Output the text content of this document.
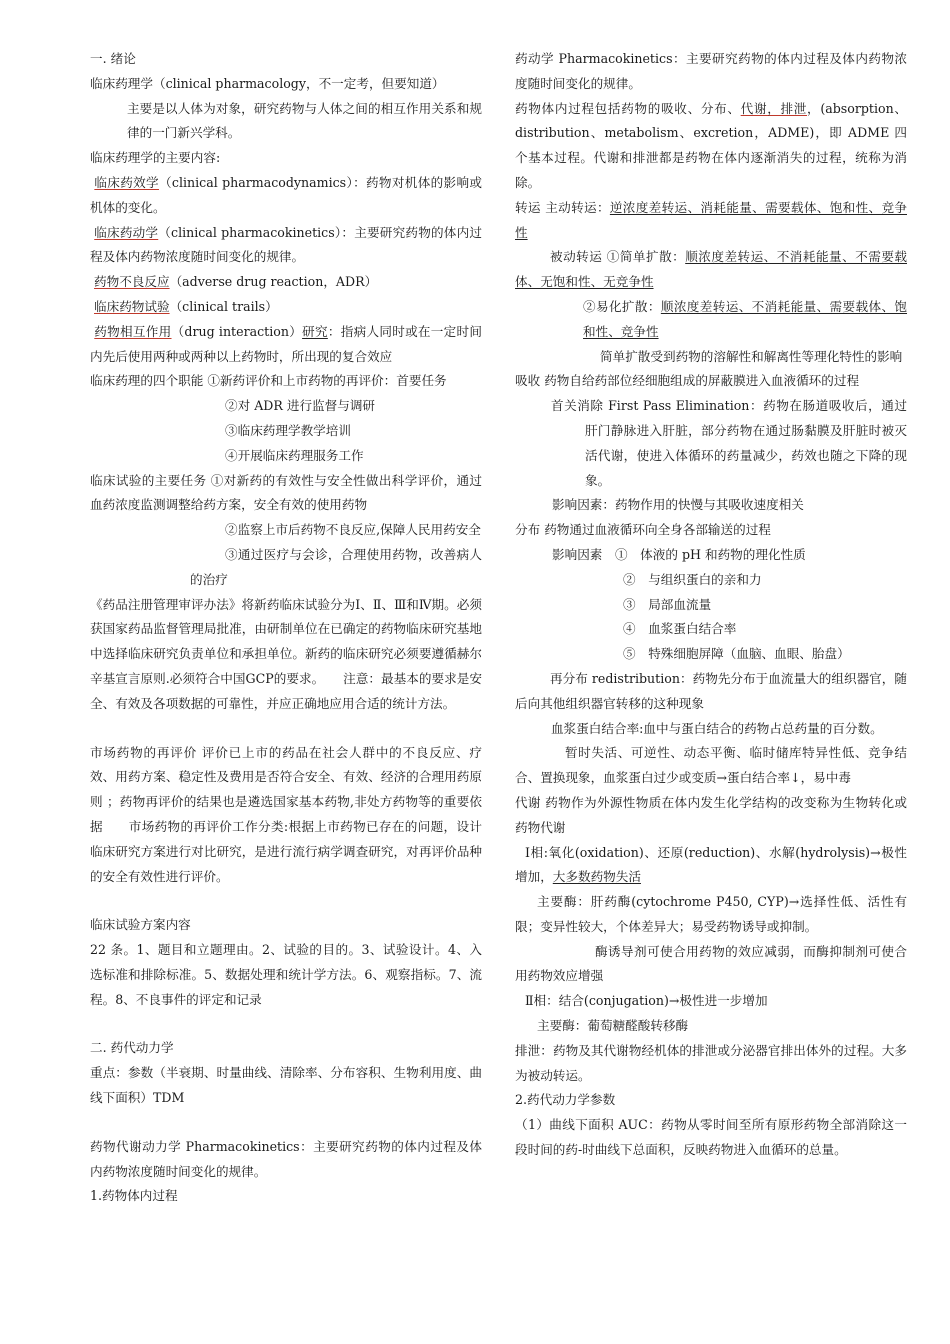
一. 绪论

临床药理学（clinical pharmacology，不一定考，但要知道）

主要是以人体为对象，研究药物与人体之间的相互作用关系和规律的一门新兴学科。

临床药理学的主要内容:

临床药效学（clinical pharmacodynamics）：药物对机体的影响或机体的变化。

临床药动学（clinical pharmacokinetics）：主要研究药物的体内过程及体内药物浓度随时间变化的规律。

药物不良反应（adverse drug reaction，ADR）

临床药物试验（clinical trails）

药物相互作用（drug interaction）研究：指病人同时或在一定时间内先后使用两种或两种以上药物时，所出现的复合效应

临床药理的四个职能 ①新药评价和上市药物的再评价：首要任务

②对 ADR 进行监督与调研

③临床药理学教学培训

④开展临床药理服务工作

临床试验的主要任务 ①对新药的有效性与安全性做出科学评价，通过血药浓度监测调整给药方案，安全有效的使用药物

②监察上市后药物不良反应,保障人民用药安全

③通过医疗与会诊，合理使用药物，改善病人的治疗

《药品注册管理审评办法》将新药临床试验分为Ⅰ、Ⅱ、Ⅲ和Ⅳ期。必须获国家药品监督管理局批准，由研制单位在已确定的药物临床研究基地中选择临床研究负责单位和承担单位。新药的临床研究必须要遵循赫尔辛基宣言原则.必须符合中国GCP的要求。　　注意：最基本的要求是安全、有效及各项数据的可靠性，并应正确地应用合适的统计方法。

市场药物的再评价 评价已上市的药品在社会人群中的不良反应、疗效、用药方案、稳定性及费用是否符合安全、有效、经济的合理用药原则 ；药物再评价的结果也是遴选国家基本药物,非处方药物等的重要依据　　市场药物的再评价工作分类:根据上市药物已存在的问题，设计临床研究方案进行对比研究，是进行流行病学调查研究，对再评价品种的安全有效性进行评价。

临床试验方案内容

22 条。1、题目和立题理由。2、试验的目的。3、试验设计。4、入选标准和排除标准。5、数据处理和统计学方法。6、观察指标。7、流程。8、不良事件的评定和记录

二. 药代动力学

重点：参数（半衰期、时量曲线、清除率、分布容积、生物利用度、曲线下面积）TDM

药物代谢动力学 Pharmacokinetics：主要研究药物的体内过程及体内药物浓度随时间变化的规律。

1.药物体内过程

药动学 Pharmacokinetics：主要研究药物的体内过程及体内药物浓度随时间变化的规律。

药物体内过程包括药物的吸收、分布、代谢，排泄，(absorption、distribution、metabolism、excretion，ADME)，即 ADME 四个基本过程。代谢和排泄都是药物在体内逐渐消失的过程，统称为消除。

转运 主动转运：逆浓度差转运、消耗能量、需要载体、饱和性、竞争性

被动转运 ①简单扩散：顺浓度差转运、不消耗能量、不需要载体、无饱和性、无竞争性

②易化扩散：顺浓度差转运、不消耗能量、需要载体、饱和性、竞争性

简单扩散受到药物的溶解性和解离性等理化特性的影响

吸收 药物自给药部位经细胞组成的屏蔽膜进入血液循环的过程

首关消除 First Pass Elimination：药物在肠道吸收后，通过肝门静脉进入肝脏，部分药物在通过肠黏膜及肝脏时被灭活代谢，使进入体循环的药量减少，药效也随之下降的现象。

影响因素：药物作用的快慢与其吸收速度相关

分布 药物通过血液循环向全身各部输送的过程

影响因素　①　体液的 pH 和药物的理化性质

②　与组织蛋白的亲和力

③　局部血流量

④　血浆蛋白结合率

⑤　特殊细胞屏障（血脑、血眼、胎盘）

再分布 redistribution：药物先分布于血流量大的组织器官，随后向其他组织器官转移的这种现象

血浆蛋白结合率:血中与蛋白结合的药物占总药量的百分数。

暂时失活、可逆性、动态平衡、临时储库特异性低、竞争结合、置换现象，血浆蛋白过少或变质→蛋白结合率↓，易中毒

代谢 药物作为外源性物质在体内发生化学结构的改变称为生物转化或药物代谢

Ⅰ相:氧化(oxidation)、还原(reduction)、水解(hydrolysis)→极性增加，大多数药物失活

主要酶：肝药酶(cytochrome P450, CYP)→选择性低、活性有限；变异性较大，个体差异大；易受药物诱导或抑制。

酶诱导剂可使合用药物的效应减弱，而酶抑制剂可使合用药物效应增强

Ⅱ相：结合(conjugation)→极性进一步增加

主要酶：葡萄糖醛酸转移酶

排泄：药物及其代谢物经机体的排泄或分泌器官排出体外的过程。大多为被动转运。

2.药代动力学参数

（1）曲线下面积 AUC：药物从零时间至所有原形药物全部消除这一段时间的药-时曲线下总面积，反映药物进入血循环的总量。
